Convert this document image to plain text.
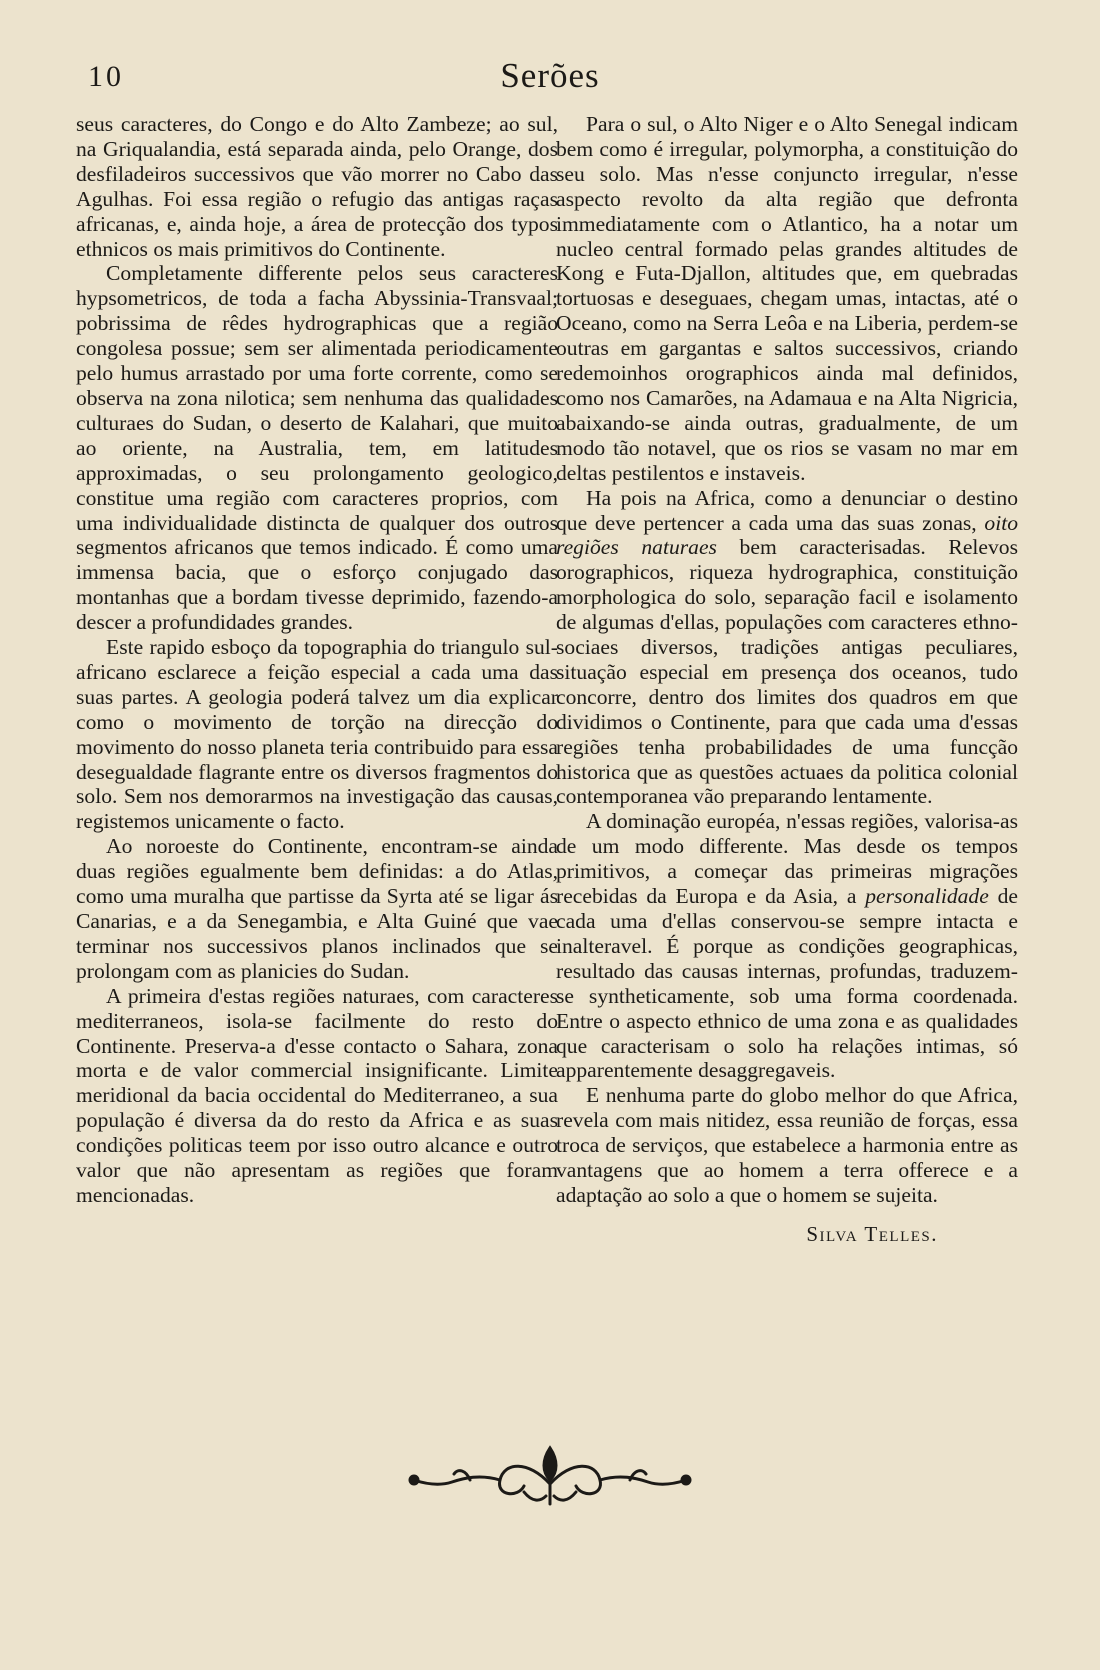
10	Serões

seus caracteres, do Congo e do Alto Zambeze; ao sul, na Griqualandia, está separada ainda, pelo Orange, dos desfiladeiros successivos que vão morrer no Cabo das Agulhas. Foi essa região o refugio das antigas raças africanas, e, ainda hoje, a área de protecção dos typos ethnicos os mais primitivos do Continente.

Completamente differente pelos seus caracteres hypsometricos, de toda a facha Abyssinia-Transvaal; pobrissima de rêdes hydrographicas que a região congolesa possue; sem ser alimentada periodicamente pelo humus arrastado por uma forte corrente, como se observa na zona nilotica; sem nenhuma das qualidades culturaes do Sudan, o deserto de Kalahari, que muito ao oriente, na Australia, tem, em latitudes approximadas, o seu prolongamento geologico, constitue uma região com caracteres proprios, com uma individualidade distincta de qualquer dos outros segmentos africanos que temos indicado. É como uma immensa bacia, que o esforço conjugado das montanhas que a bordam tivesse deprimido, fazendo-a descer a profundidades grandes.

Este rapido esboço da topographia do triangulo sul-africano esclarece a feição especial a cada uma das suas partes. A geologia poderá talvez um dia explicar como o movimento de torção na direcção do movimento do nosso planeta teria contribuido para essa desegualdade flagrante entre os diversos fragmentos do solo. Sem nos demorarmos na investigação das causas, registemos unicamente o facto.

Ao noroeste do Continente, encontram-se ainda duas regiões egualmente bem definidas: a do Atlas, como uma muralha que partisse da Syrta até se ligar ás Canarias, e a da Senegambia, e Alta Guiné que vae terminar nos successivos planos inclinados que se prolongam com as planicies do Sudan.

A primeira d'estas regiões naturaes, com caracteres mediterraneos, isola-se facilmente do resto do Continente. Preserva-a d'esse contacto o Sahara, zona morta e de valor commercial insignificante. Limite meridional da bacia occidental do Mediterraneo, a sua população é diversa da do resto da Africa e as suas condições politicas teem por isso outro alcance e outro valor que não apresentam as regiões que foram mencionadas.

Para o sul, o Alto Niger e o Alto Senegal indicam bem como é irregular, polymorpha, a constituição do seu solo. Mas n'esse conjuncto irregular, n'esse aspecto revolto da alta região que defronta immediatamente com o Atlantico, ha a notar um nucleo central formado pelas grandes altitudes de Kong e Futa-Djallon, altitudes que, em quebradas tortuosas e deseguaes, chegam umas, intactas, até o Oceano, como na Serra Leôa e na Liberia, perdem-se outras em gargantas e saltos successivos, criando redemoinhos orographicos ainda mal definidos, como nos Camarões, na Adamaua e na Alta Nigricia, abaixando-se ainda outras, gradualmente, de um modo tão notavel, que os rios se vasam no mar em deltas pestilentos e instaveis.

Ha pois na Africa, como a denunciar o destino que deve pertencer a cada uma das suas zonas, oito regiões naturaes bem caracterisadas. Relevos orographicos, riqueza hydrographica, constituição morphologica do solo, separação facil e isolamento de algumas d'ellas, populações com caracteres ethno-sociaes diversos, tradições antigas peculiares, situação especial em presença dos oceanos, tudo concorre, dentro dos limites dos quadros em que dividimos o Continente, para que cada uma d'essas regiões tenha probabilidades de uma funcção historica que as questões actuaes da politica colonial contemporanea vão preparando lentamente.

A dominação européa, n'essas regiões, valorisa-as de um modo differente. Mas desde os tempos primitivos, a começar das primeiras migrações recebidas da Europa e da Asia, a personalidade de cada uma d'ellas conservou-se sempre intacta e inalteravel. É porque as condições geographicas, resultado das causas internas, profundas, traduzem-se syntheticamente, sob uma forma coordenada. Entre o aspecto ethnico de uma zona e as qualidades que caracterisam o solo ha relações intimas, só apparentemente desaggregaveis.

E nenhuma parte do globo melhor do que Africa, revela com mais nitidez, essa reunião de forças, essa troca de serviços, que estabelece a harmonia entre as vantagens que ao homem a terra offerece e a adaptação ao solo a que o homem se sujeita.

Silva Telles.
